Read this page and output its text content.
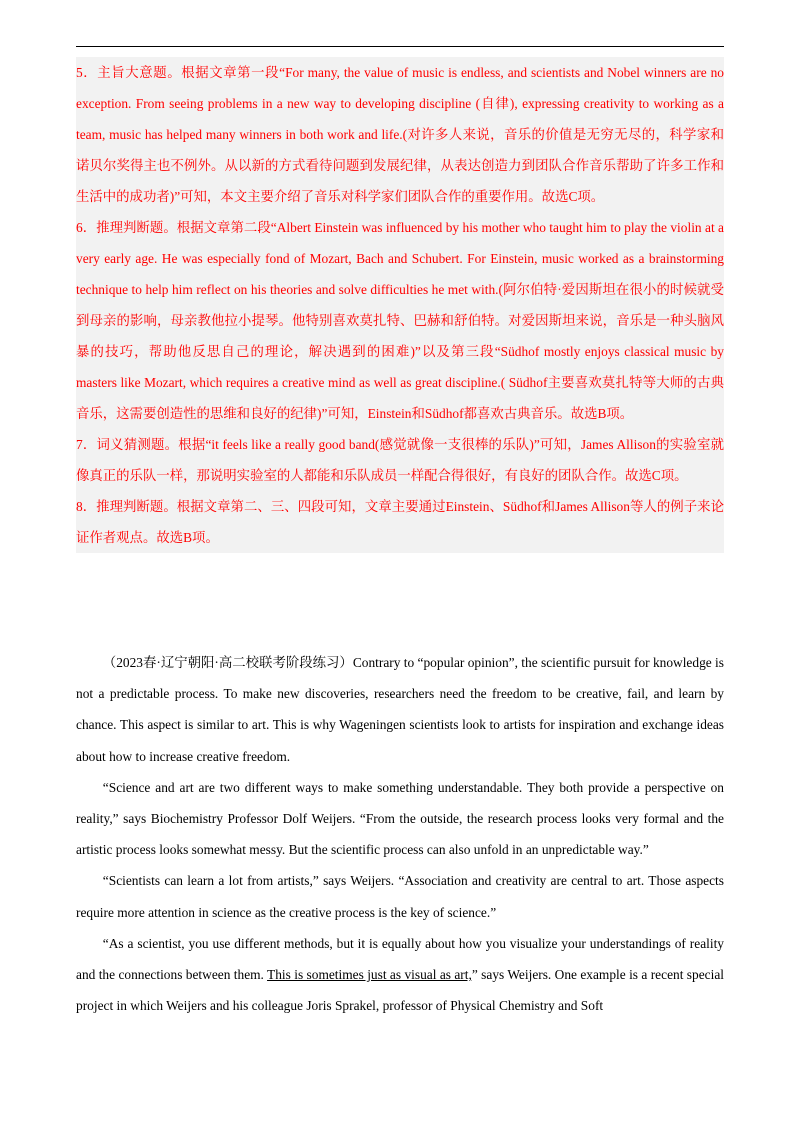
5．主旨大意题。根据文章第一段“For many, the value of music is endless, and scientists and Nobel winners are no exception. From seeing problems in a new way to developing discipline (自律), expressing creativity to working as a team, music has helped many winners in both work and life.(对许多人来说，音乐的价值是无穷无尽的，科学家和诺贝尔奖得主也不例外。从以新的方式看待问题到发展纪律，从表达创造力到团队合作音乐帮助了许多工作和生活中的成功者)”可知，本文主要介绍了音乐对科学家们团队合作的重要作用。故选C项。

6．推理判断题。根据文章第二段“Albert Einstein was influenced by his mother who taught him to play the violin at a very early age. He was especially fond of Mozart, Bach and Schubert. For Einstein, music worked as a brainstorming technique to help him reflect on his theories and solve difficulties he met with.(阿尔伯特·爱因斯坦在很小的时候就受到母亲的影响，母亲教他拉小提琴。他特别喜欢莫扎特、巴赫和舒伯特。对爱因斯坦来说，音乐是一种头脑风暴的技巧，帮助他反思自己的理论，解决遇到的困难)”以及第三段“Südhof mostly enjoys classical music by masters like Mozart, which requires a creative mind as well as great discipline.( Südhof主要喜欢莫扎特等大师的古典音乐，这需要创造性的思维和良好的纪律)”可知，Einstein和Südhof都喜欢古典音乐。故选B项。

7．词义猜测题。根据“it feels like a really good band(感觉就像一支很棒的乐队)”可知，James Allison的实验室就像真正的乐队一样，那说明实验室的人都能和乐队成员一样配合得很好，有良好的团队合作。故选C项。

8．推理判断题。根据文章第二、三、四段可知，文章主要通过Einstein、Südhof和James Allison等人的例子来论证作者观点。故选B项。

（2023春·辽宁朝阳·高二校联考阶段练习）Contrary to “popular opinion”, the scientific pursuit for knowledge is not a predictable process. To make new discoveries, researchers need the freedom to be creative, fail, and learn by chance. This aspect is similar to art. This is why Wageningen scientists look to artists for inspiration and exchange ideas about how to increase creative freedom.

“Science and art are two different ways to make something understandable. They both provide a perspective on reality,” says Biochemistry Professor Dolf Weijers. “From the outside, the research process looks very formal and the artistic process looks somewhat messy. But the scientific process can also unfold in an unpredictable way.”

“Scientists can learn a lot from artists,” says Weijers. “Association and creativity are central to art. Those aspects require more attention in science as the creative process is the key of science.”

“As a scientist, you use different methods, but it is equally about how you visualize your understandings of reality and the connections between them. This is sometimes just as visual as art,” says Weijers. One example is a recent special project in which Weijers and his colleague Joris Sprakel, professor of Physical Chemistry and Soft
